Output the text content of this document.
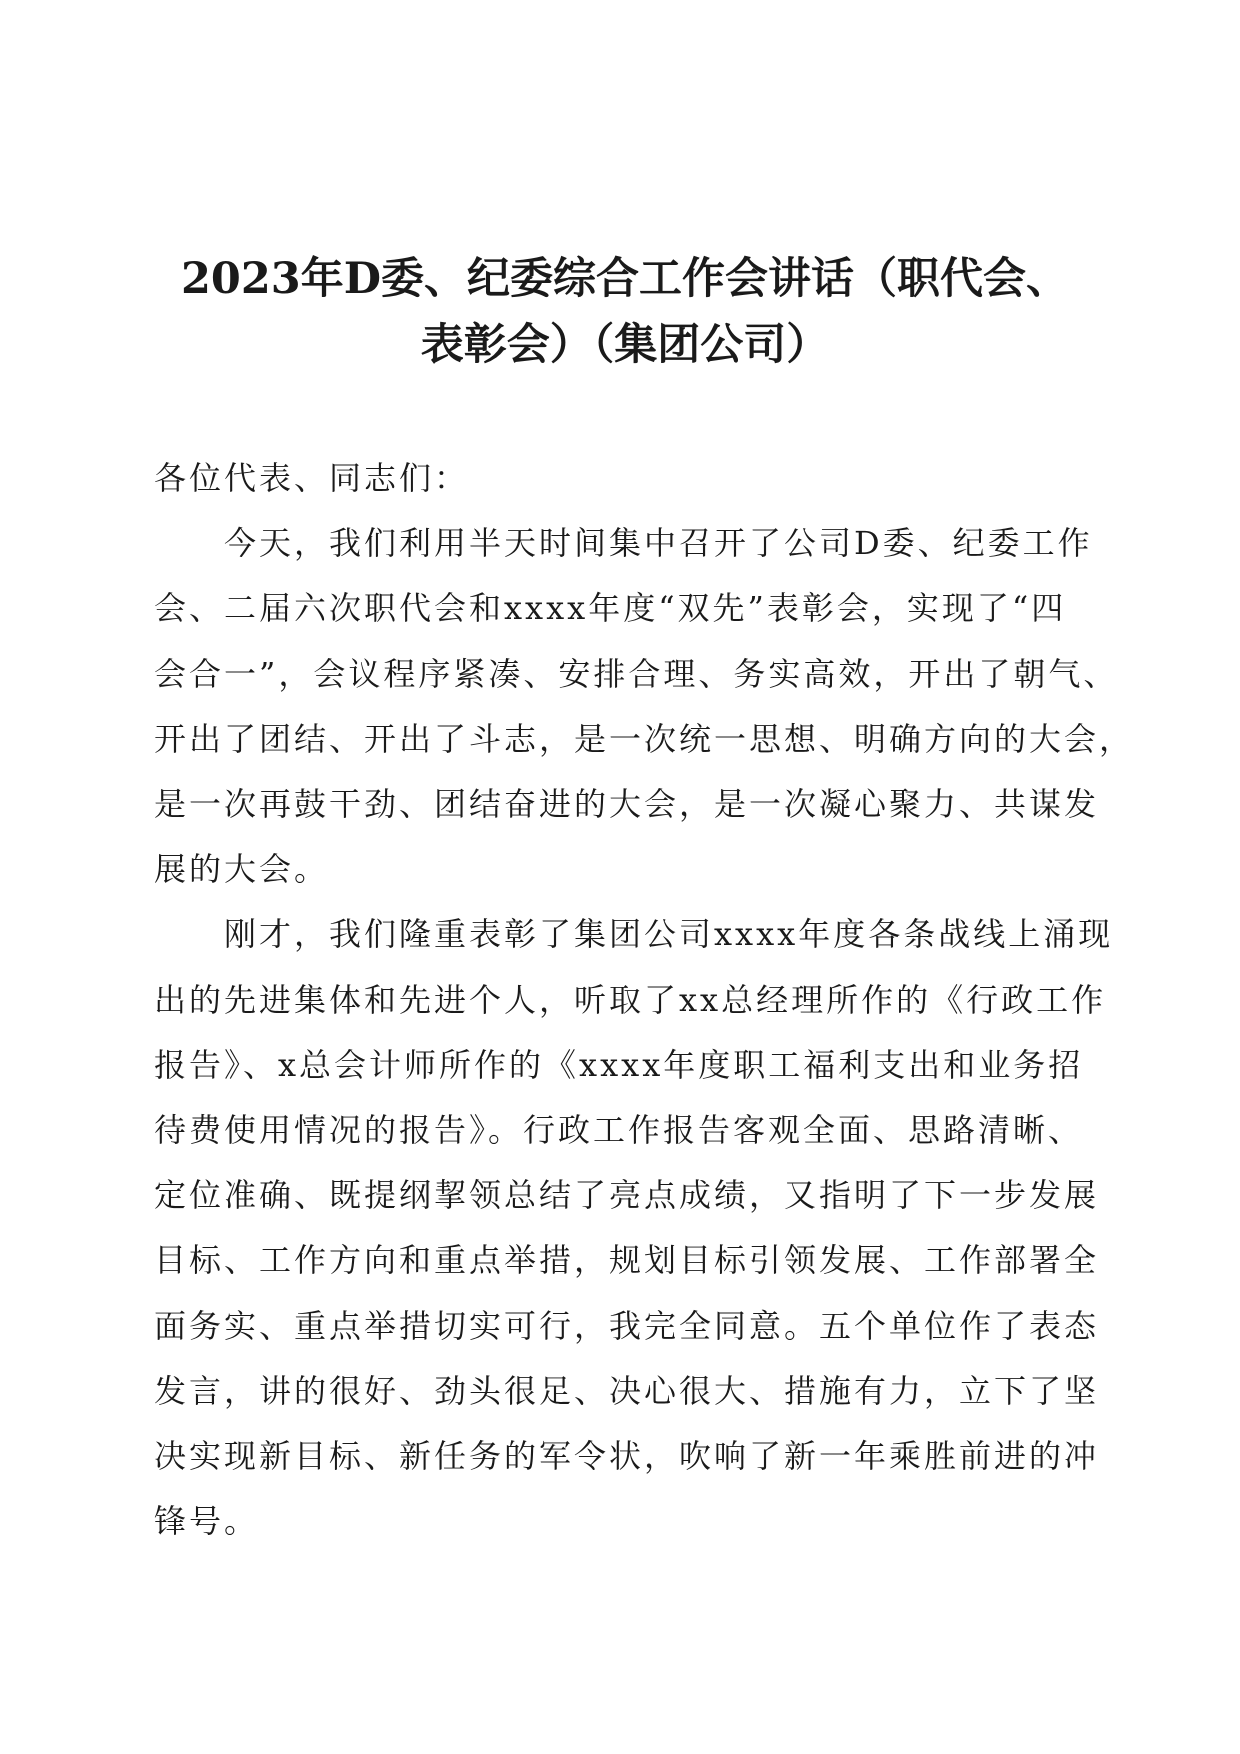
2023年D委、纪委综合工作会讲话（职代会、
表彰会）（集团公司）

各位代表、同志们：

今天，我们利用半天时间集中召开了公司D委、纪委工作
会、二届六次职代会和xxxx年度“双先”表彰会，实现了“四
会合一”，会议程序紧凑、安排合理、务实高效，开出了朝气、
开出了团结、开出了斗志，是一次统一思想、明确方向的大会，
是一次再鼓干劲、团结奋进的大会，是一次凝心聚力、共谋发
展的大会。

刚才，我们隆重表彰了集团公司xxxx年度各条战线上涌现
出的先进集体和先进个人，听取了xx总经理所作的《行政工作
报告》、x总会计师所作的《xxxx年度职工福利支出和业务招
待费使用情况的报告》。行政工作报告客观全面、思路清晰、
定位准确、既提纲挈领总结了亮点成绩，又指明了下一步发展
目标、工作方向和重点举措，规划目标引领发展、工作部署全
面务实、重点举措切实可行，我完全同意。五个单位作了表态
发言，讲的很好、劲头很足、决心很大、措施有力，立下了坚
决实现新目标、新任务的军令状，吹响了新一年乘胜前进的冲
锋号。
